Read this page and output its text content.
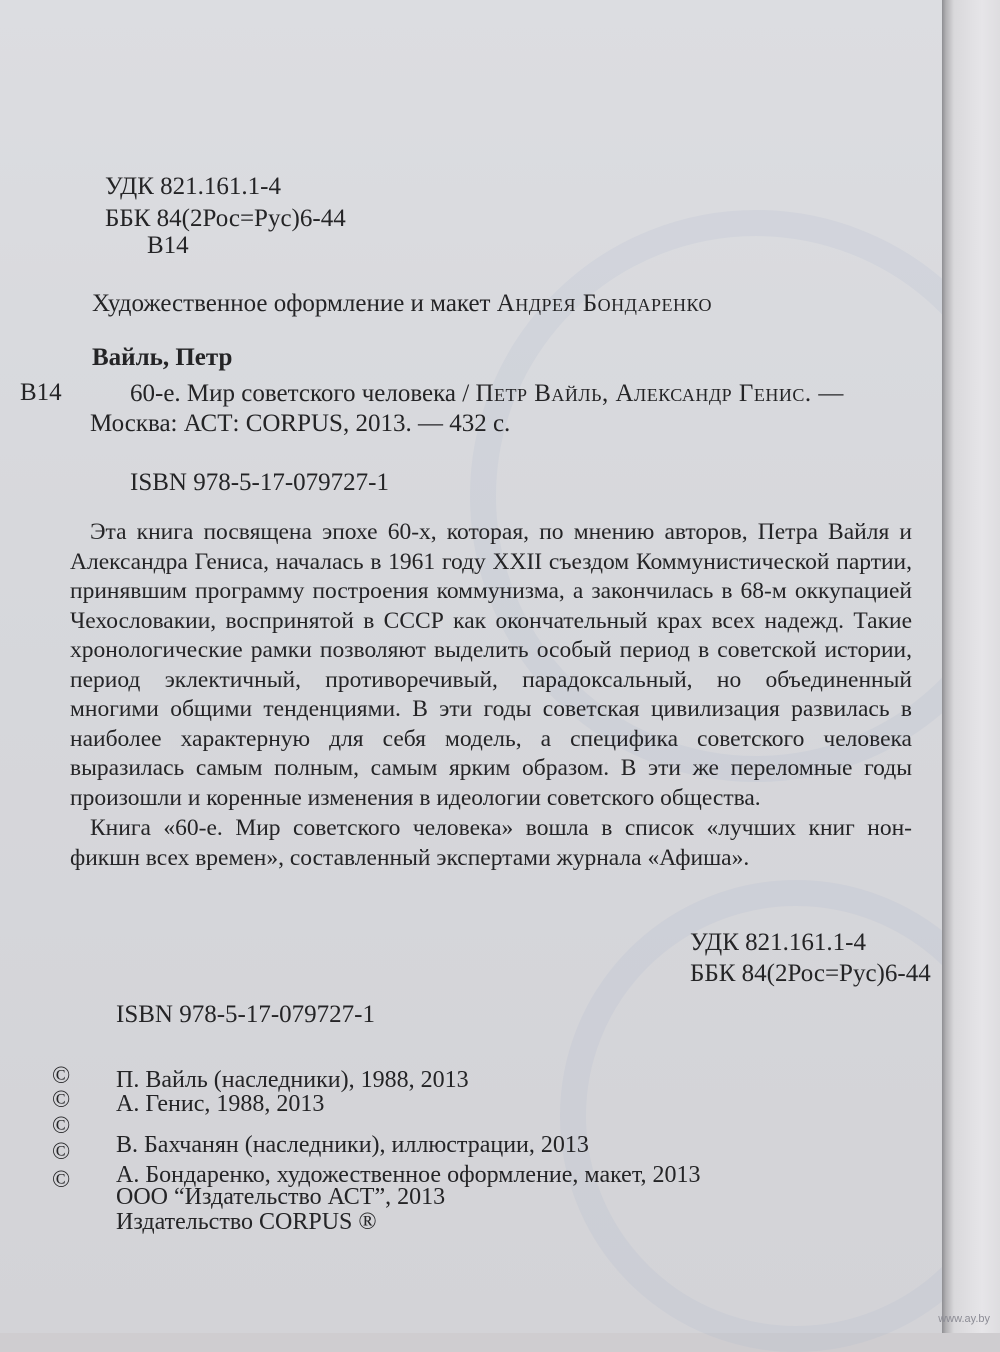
УДК 821.161.1-4
ББК 84(2Рос=Рус)6-44
В14
Художественное оформление и макет Андрея Бондаренко
Вайль, Петр
В14	60-е. Мир советского человека / Петр Вайль, Александр Генис. —
Москва: АСТ: CORPUS, 2013. — 432 с.
ISBN 978-5-17-079727-1

Эта книга посвящена эпохе 60-х, которая, по мнению авторов, Петра Вайля и Александра Гениса, началась в 1961 году XXII съездом Коммунистической партии, принявшим программу построения коммунизма, а закончилась в 68-м оккупацией Чехословакии, воспринятой в СССР как окончательный крах всех надежд. Такие хронологические рамки позволяют выделить особый период в советской истории, период эклектичный, противоречивый, парадоксальный, но объединенный многими общими тенденциями. В эти годы советская цивилизация развилась в наиболее характерную для себя модель, а специфика советского человека выразилась самым полным, самым ярким образом. В эти же переломные годы произошли и коренные изменения в идеологии советского общества.

Книга «60-е. Мир советского человека» вошла в список «лучших книг нон-фикшн всех времен», составленный экспертами журнала «Афиша».

УДК 821.161.1-4
ББК 84(2Рос=Рус)6-44
ISBN 978-5-17-079727-1
© П. Вайль (наследники), 1988, 2013
© А. Генис, 1988, 2013
©
В. Бахчанян (наследники), иллюстрации, 2013
©
А. Бондаренко, художественное оформление, макет, 2013
©
ООО “Издательство АСТ”, 2013
Издательство CORPUS ®
www.ay.by
